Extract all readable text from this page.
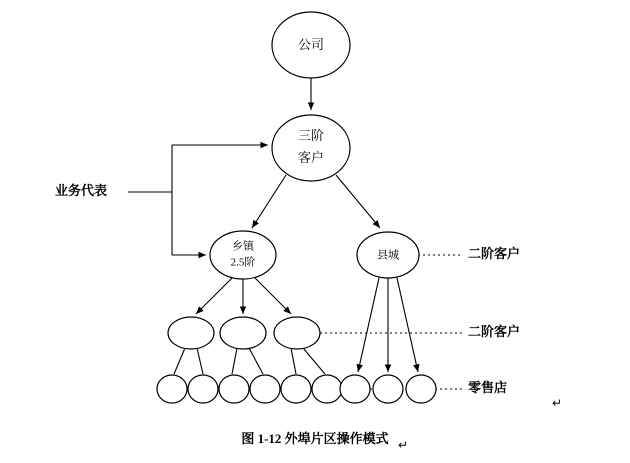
公司
三阶
客户
乡镇
2.5阶
县城
业务代表
二阶客户
二阶客户
零售店
↵
图 1-12 外埠片区操作模式 ↵
